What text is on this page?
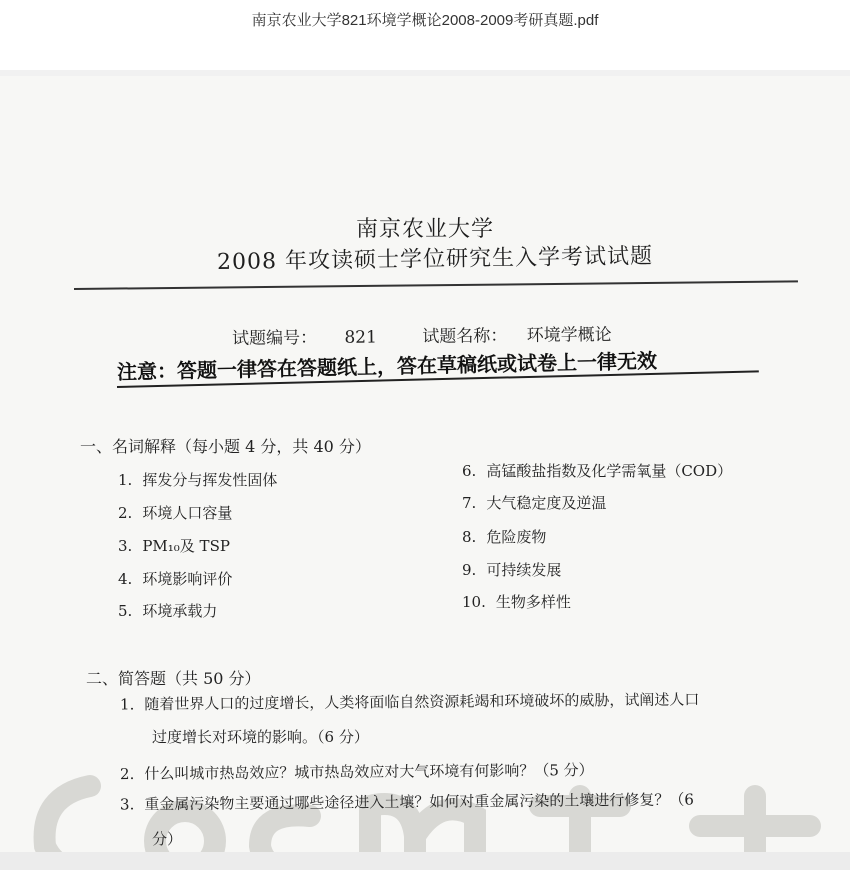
南京农业大学821环境学概论2008-2009考研真题.pdf
南京农业大学
2008 年攻读硕士学位研究生入学考试试题
试题编号： 821	试题名称： 环境学概论
注意：答题一律答在答题纸上，答在草稿纸或试卷上一律无效
一、名词解释（每小题 4 分，共 40 分）
1. 挥发分与挥发性固体
2. 环境人口容量
3. PM₁₀及 TSP
4. 环境影响评价
5. 环境承载力
6. 高锰酸盐指数及化学需氧量（COD）
7. 大气稳定度及逆温
8. 危险废物
9. 可持续发展
10. 生物多样性
二、简答题（共 50 分）
1. 随着世界人口的过度增长，人类将面临自然资源耗竭和环境破坏的威胁，试阐述人口
过度增长对环境的影响。（6 分）
2. 什么叫城市热岛效应？城市热岛效应对大气环境有何影响？（5 分）
3. 重金属污染物主要通过哪些途径进入土壤？如何对重金属污染的土壤进行修复？（6
分）
